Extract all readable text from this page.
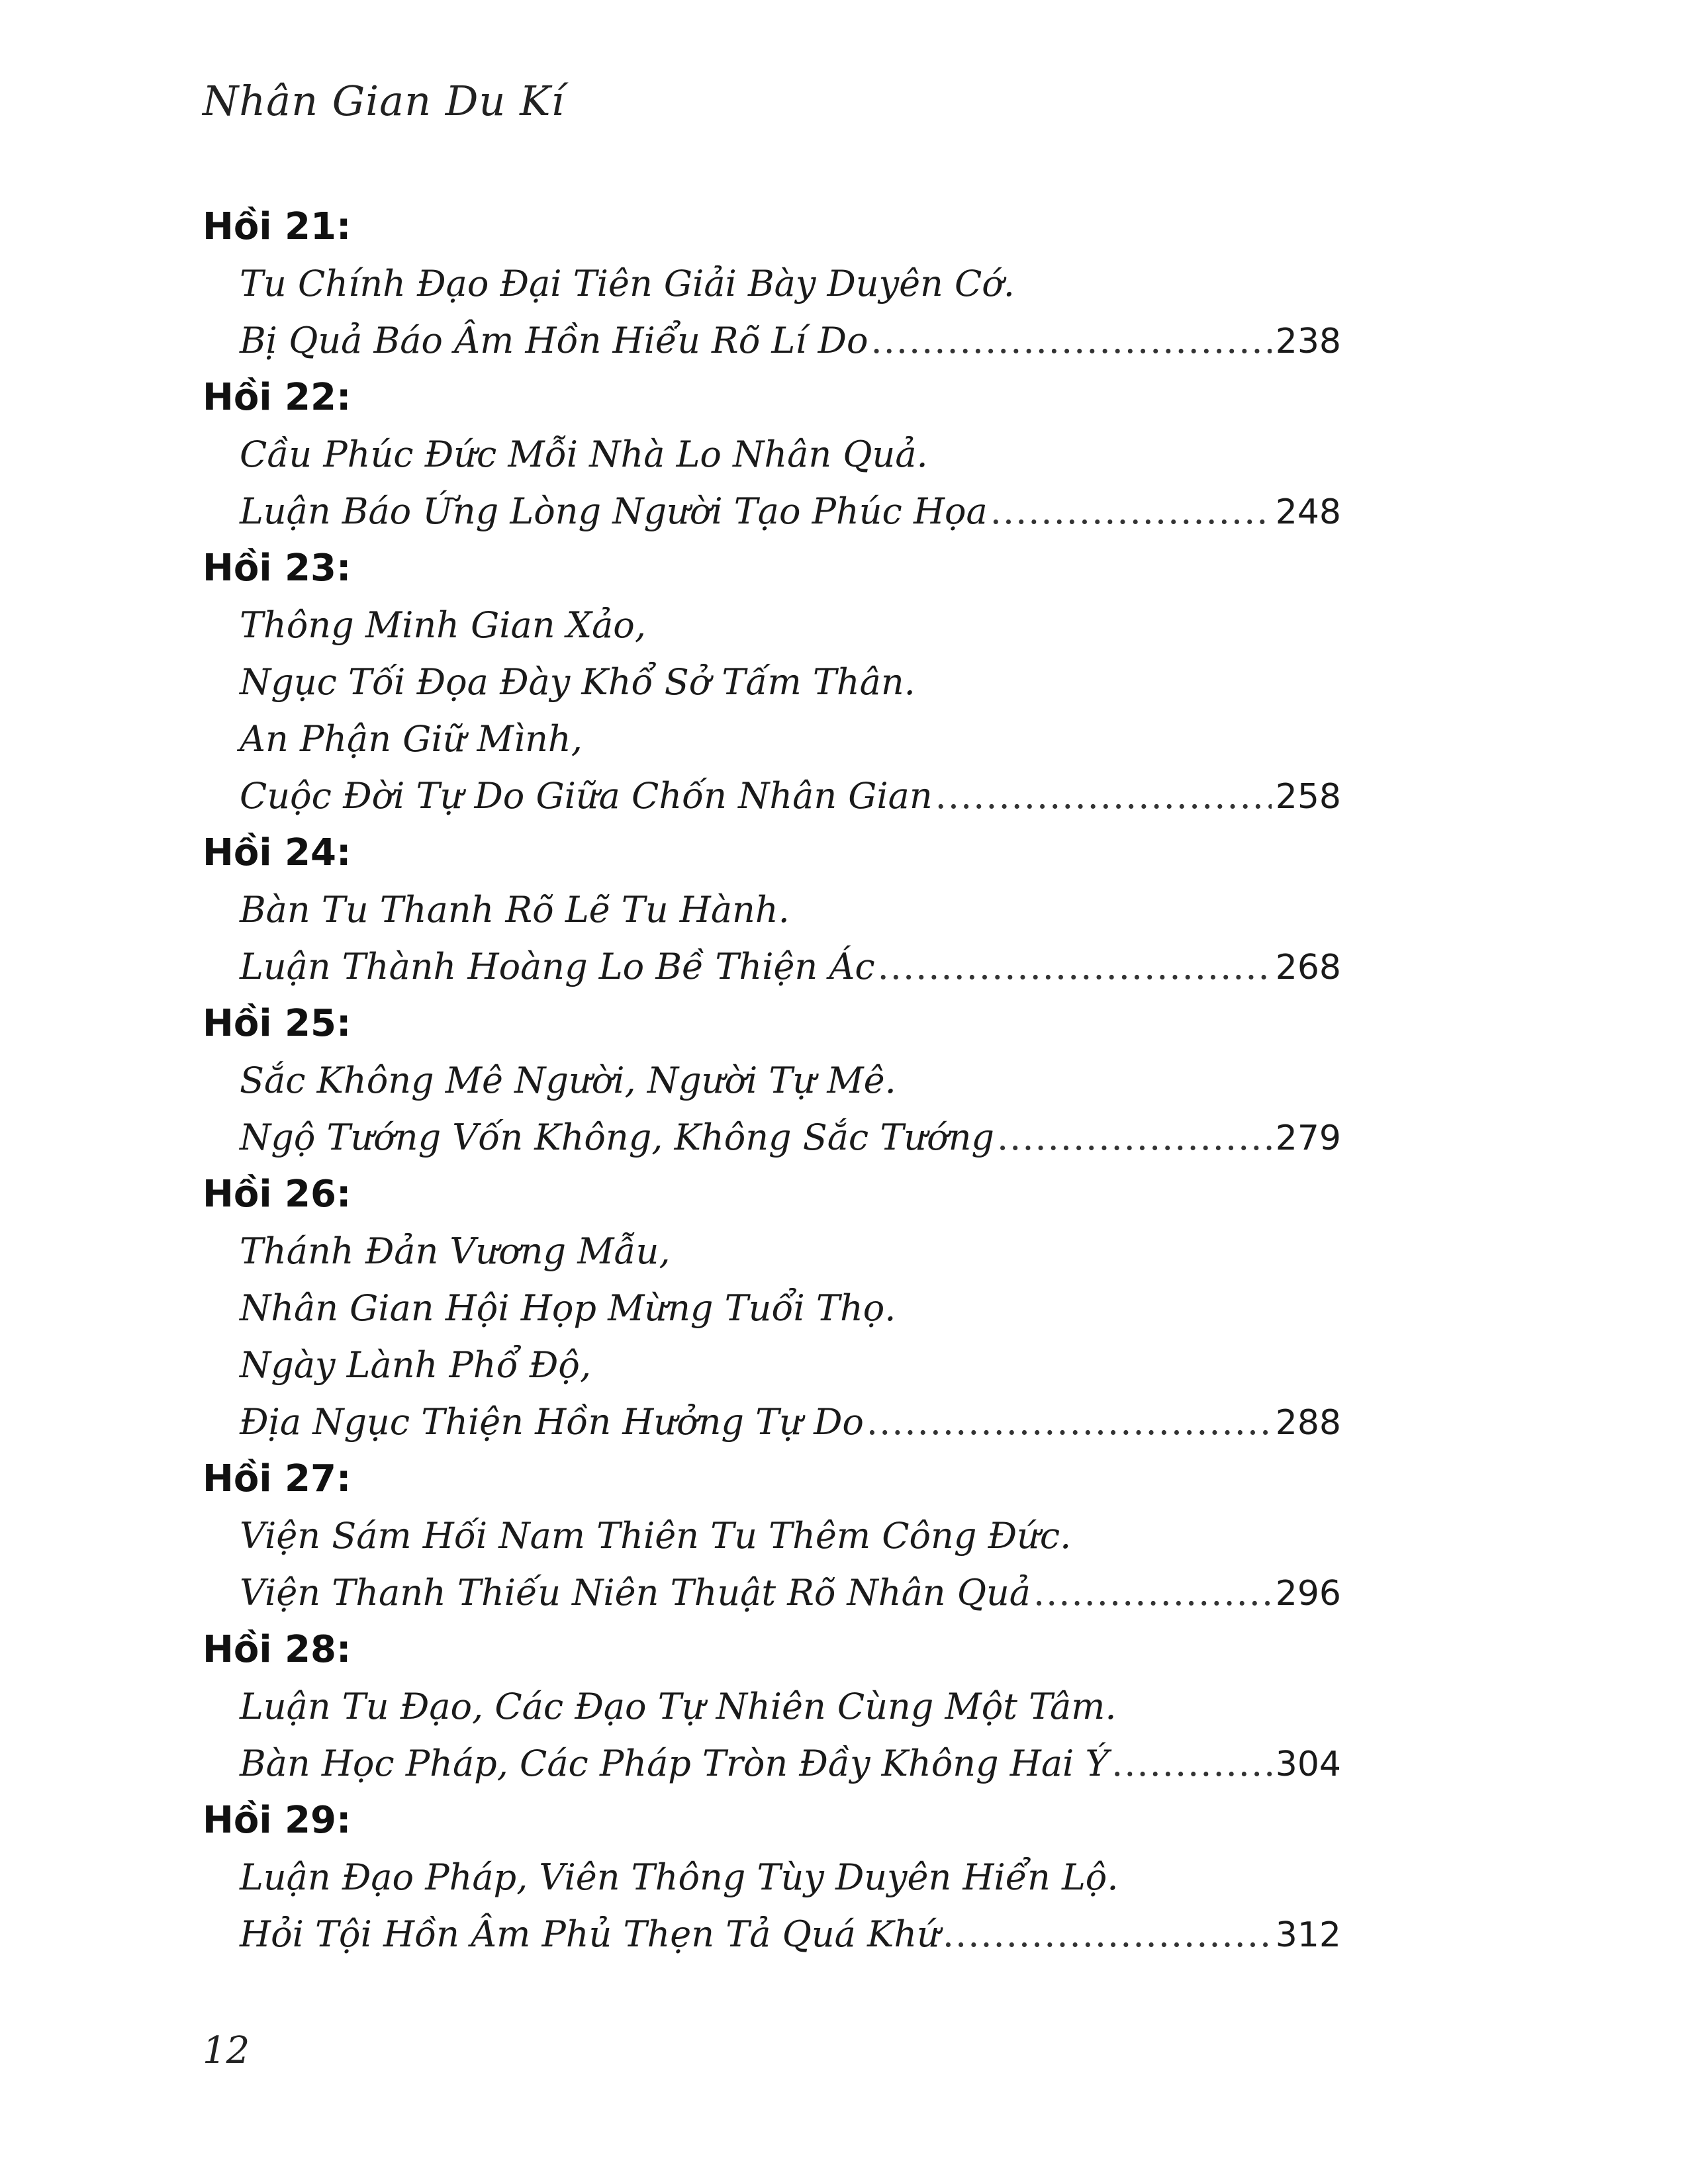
Nhân Gian Du Kí
Hồi 21:
Tu Chính Đạo Đại Tiên Giải Bày Duyên Cớ.
Bị Quả Báo Âm Hồn Hiểu Rõ Lí Do .....	238
Hồi 22:
Cầu Phúc Đức Mỗi Nhà Lo Nhân Quả.
Luận Báo Ứng Lòng Người Tạo Phúc Họa .....	248
Hồi 23:
Thông Minh Gian Xảo,
Ngục Tối Đọa Đày Khổ Sở Tấm Thân.
An Phận Giữ Mình,
Cuộc Đời Tự Do Giữa Chốn Nhân Gian .....	258
Hồi 24:
Bàn Tu Thanh Rõ Lẽ Tu Hành.
Luận Thành Hoàng Lo Bề Thiện Ác .....	268
Hồi 25:
Sắc Không Mê Người, Người Tự Mê.
Ngộ Tướng Vốn Không, Không Sắc Tướng .....	279
Hồi 26:
Thánh Đản Vương Mẫu,
Nhân Gian Hội Họp Mừng Tuổi Thọ.
Ngày Lành Phổ Độ,
Địa Ngục Thiện Hồn Hưởng Tự Do .....	288
Hồi 27:
Viện Sám Hối Nam Thiên Tu Thêm Công Đức.
Viện Thanh Thiếu Niên Thuật Rõ Nhân Quả .....	296
Hồi 28:
Luận Tu Đạo, Các Đạo Tự Nhiên Cùng Một Tâm.
Bàn Học Pháp, Các Pháp Tròn Đầy Không Hai Ý .....	304
Hồi 29:
Luận Đạo Pháp, Viên Thông Tùy Duyên Hiển Lộ.
Hỏi Tội Hồn Âm Phủ Thẹn Tả Quá Khứ .....	312
12
